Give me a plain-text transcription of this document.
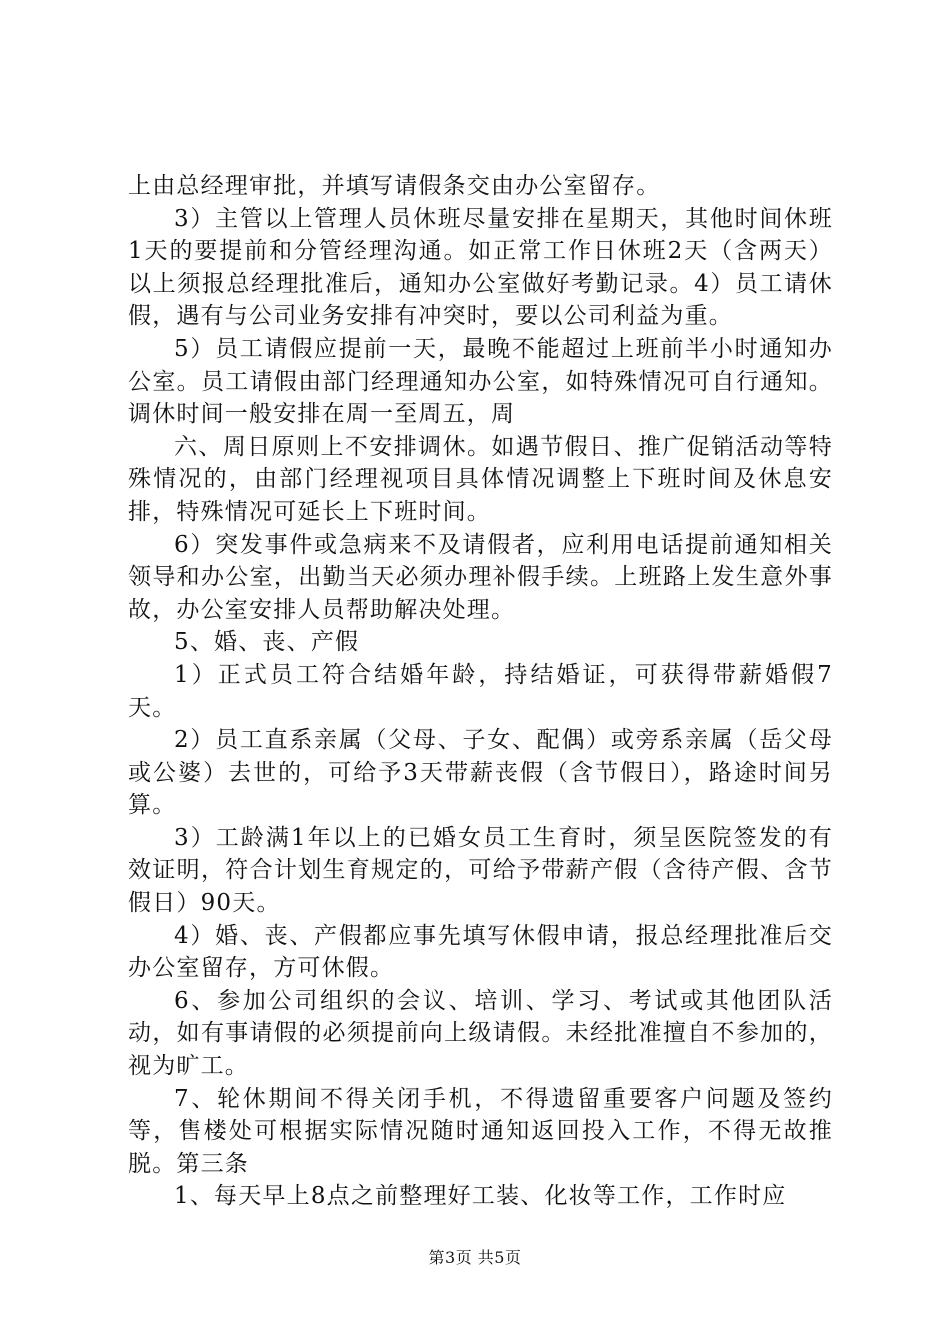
上由总经理审批，并填写请假条交由办公室留存。

3）主管以上管理人员休班尽量安排在星期天，其他时间休班1天的要提前和分管经理沟通。如正常工作日休班2天（含两天）以上须报总经理批准后，通知办公室做好考勤记录。4）员工请休假，遇有与公司业务安排有冲突时，要以公司利益为重。

5）员工请假应提前一天，最晚不能超过上班前半小时通知办公室。员工请假由部门经理通知办公室，如特殊情况可自行通知。调休时间一般安排在周一至周五，周

六、周日原则上不安排调休。如遇节假日、推广促销活动等特殊情况的，由部门经理视项目具体情况调整上下班时间及休息安排，特殊情况可延长上下班时间。

6）突发事件或急病来不及请假者，应利用电话提前通知相关领导和办公室，出勤当天必须办理补假手续。上班路上发生意外事故，办公室安排人员帮助解决处理。

5、婚、丧、产假

1）正式员工符合结婚年龄，持结婚证，可获得带薪婚假7天。

2）员工直系亲属（父母、子女、配偶）或旁系亲属（岳父母或公婆）去世的，可给予3天带薪丧假（含节假日），路途时间另算。

3）工龄满1年以上的已婚女员工生育时，须呈医院签发的有效证明，符合计划生育规定的，可给予带薪产假（含待产假、含节假日）90天。

4）婚、丧、产假都应事先填写休假申请，报总经理批准后交办公室留存，方可休假。

6、参加公司组织的会议、培训、学习、考试或其他团队活动，如有事请假的必须提前向上级请假。未经批准擅自不参加的，视为旷工。

7、轮休期间不得关闭手机，不得遗留重要客户问题及签约等，售楼处可根据实际情况随时通知返回投入工作，不得无故推脱。第三条

1、每天早上8点之前整理好工装、化妆等工作，工作时应

第3页 共5页
